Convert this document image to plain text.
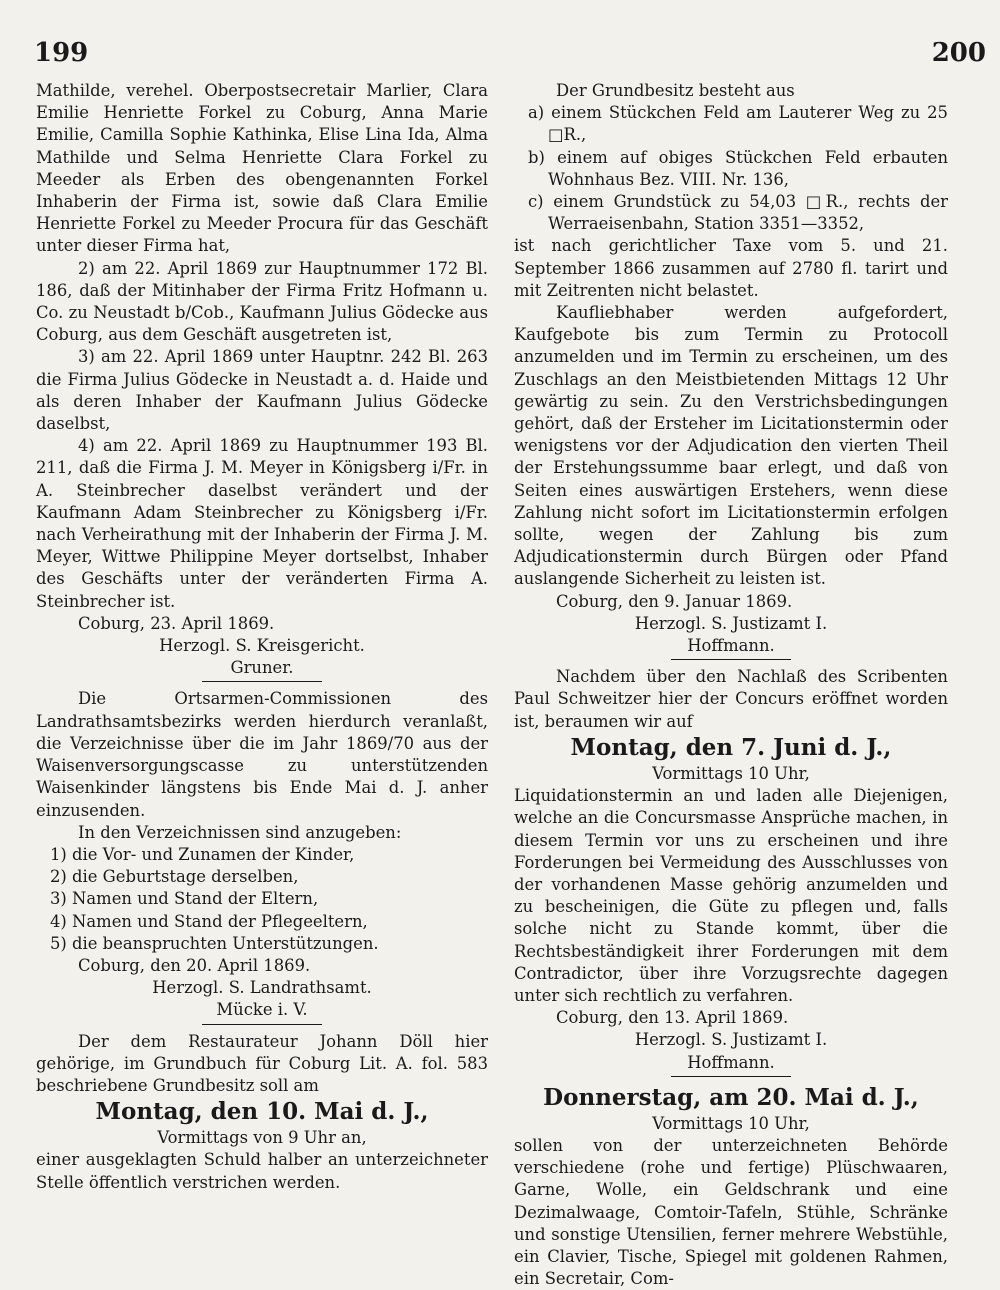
199	200

Mathilde, verehel. Oberpostsecretair Marlier, Clara Emilie Henriette Forkel zu Coburg, Anna Marie Emilie, Camilla Sophie Kathinka, Elise Lina Ida, Alma Mathilde und Selma Henriette Clara Forkel zu Meeder als Erben des obengenannten Forkel Inhaberin der Firma ist, sowie daß Clara Emilie Henriette Forkel zu Meeder Procura für das Geschäft unter dieser Firma hat,

2) am 22. April 1869 zur Hauptnummer 172 Bl. 186, daß der Mitinhaber der Firma Fritz Hofmann u. Co. zu Neustadt b/Cob., Kaufmann Julius Gödecke aus Coburg, aus dem Geschäft ausgetreten ist,

3) am 22. April 1869 unter Hauptnr. 242 Bl. 263 die Firma Julius Gödecke in Neustadt a. d. Haide und als deren Inhaber der Kaufmann Julius Gödecke daselbst,

4) am 22. April 1869 zu Hauptnummer 193 Bl. 211, daß die Firma J. M. Meyer in Königsberg i/Fr. in A. Steinbrecher daselbst verändert und der Kaufmann Adam Steinbrecher zu Königsberg i/Fr. nach Verheirathung mit der Inhaberin der Firma J. M. Meyer, Wittwe Philippine Meyer dortselbst, Inhaber des Geschäfts unter der veränderten Firma A. Steinbrecher ist.

Coburg, 23. April 1869.

Herzogl. S. Kreisgericht.

Gruner.

Die Ortsarmen-Commissionen des Landrathsamtsbezirks werden hierdurch veranlaßt, die Verzeichnisse über die im Jahr 1869/70 aus der Waisenversorgungscasse zu unterstützenden Waisenkinder längstens bis Ende Mai d. J. anher einzusenden.

In den Verzeichnissen sind anzugeben:

1) die Vor- und Zunamen der Kinder,

2) die Geburtstage derselben,

3) Namen und Stand der Eltern,

4) Namen und Stand der Pflegeeltern,

5) die beanspruchten Unterstützungen.

Coburg, den 20. April 1869.

Herzogl. S. Landrathsamt.

Mücke i. V.

Der dem Restaurateur Johann Döll hier gehörige, im Grundbuch für Coburg Lit. A. fol. 583 beschriebene Grundbesitz soll am

Montag, den 10. Mai d. J.,

Vormittags von 9 Uhr an,

einer ausgeklagten Schuld halber an unterzeichneter Stelle öffentlich verstrichen werden.

Der Grundbesitz besteht aus

a) einem Stückchen Feld am Lauterer Weg zu 25 □R.,

b) einem auf obiges Stückchen Feld erbauten Wohnhaus Bez. VIII. Nr. 136,

c) einem Grundstück zu 54,03 □R., rechts der Werraeisenbahn, Station 3351—3352,

ist nach gerichtlicher Taxe vom 5. und 21. September 1866 zusammen auf 2780 fl. tarirt und mit Zeitrenten nicht belastet.

Kaufliebhaber werden aufgefordert, Kaufgebote bis zum Termin zu Protocoll anzumelden und im Termin zu erscheinen, um des Zuschlags an den Meistbietenden Mittags 12 Uhr gewärtig zu sein. Zu den Verstrichsbedingungen gehört, daß der Ersteher im Licitationstermin oder wenigstens vor der Adjudication den vierten Theil der Erstehungssumme baar erlegt, und daß von Seiten eines auswärtigen Erstehers, wenn diese Zahlung nicht sofort im Licitationstermin erfolgen sollte, wegen der Zahlung bis zum Adjudicationstermin durch Bürgen oder Pfand auslangende Sicherheit zu leisten ist.

Coburg, den 9. Januar 1869.

Herzogl. S. Justizamt I.

Hoffmann.

Nachdem über den Nachlaß des Scribenten Paul Schweitzer hier der Concurs eröffnet worden ist, beraumen wir auf

Montag, den 7. Juni d. J.,

Vormittags 10 Uhr,

Liquidationstermin an und laden alle Diejenigen, welche an die Concursmasse Ansprüche machen, in diesem Termin vor uns zu erscheinen und ihre Forderungen bei Vermeidung des Ausschlusses von der vorhandenen Masse gehörig anzumelden und zu bescheinigen, die Güte zu pflegen und, falls solche nicht zu Stande kommt, über die Rechtsbeständigkeit ihrer Forderungen mit dem Contradictor, über ihre Vorzugsrechte dagegen unter sich rechtlich zu verfahren.

Coburg, den 13. April 1869.

Herzogl. S. Justizamt I.

Hoffmann.

Donnerstag, am 20. Mai d. J.,

Vormittags 10 Uhr,

sollen von der unterzeichneten Behörde verschiedene (rohe und fertige) Plüschwaaren, Garne, Wolle, ein Geldschrank und eine Dezimalwaage, Comtoir-Tafeln, Stühle, Schränke und sonstige Utensilien, ferner mehrere Webstühle, ein Clavier, Tische, Spiegel mit goldenen Rahmen, ein Secretair, Com-
